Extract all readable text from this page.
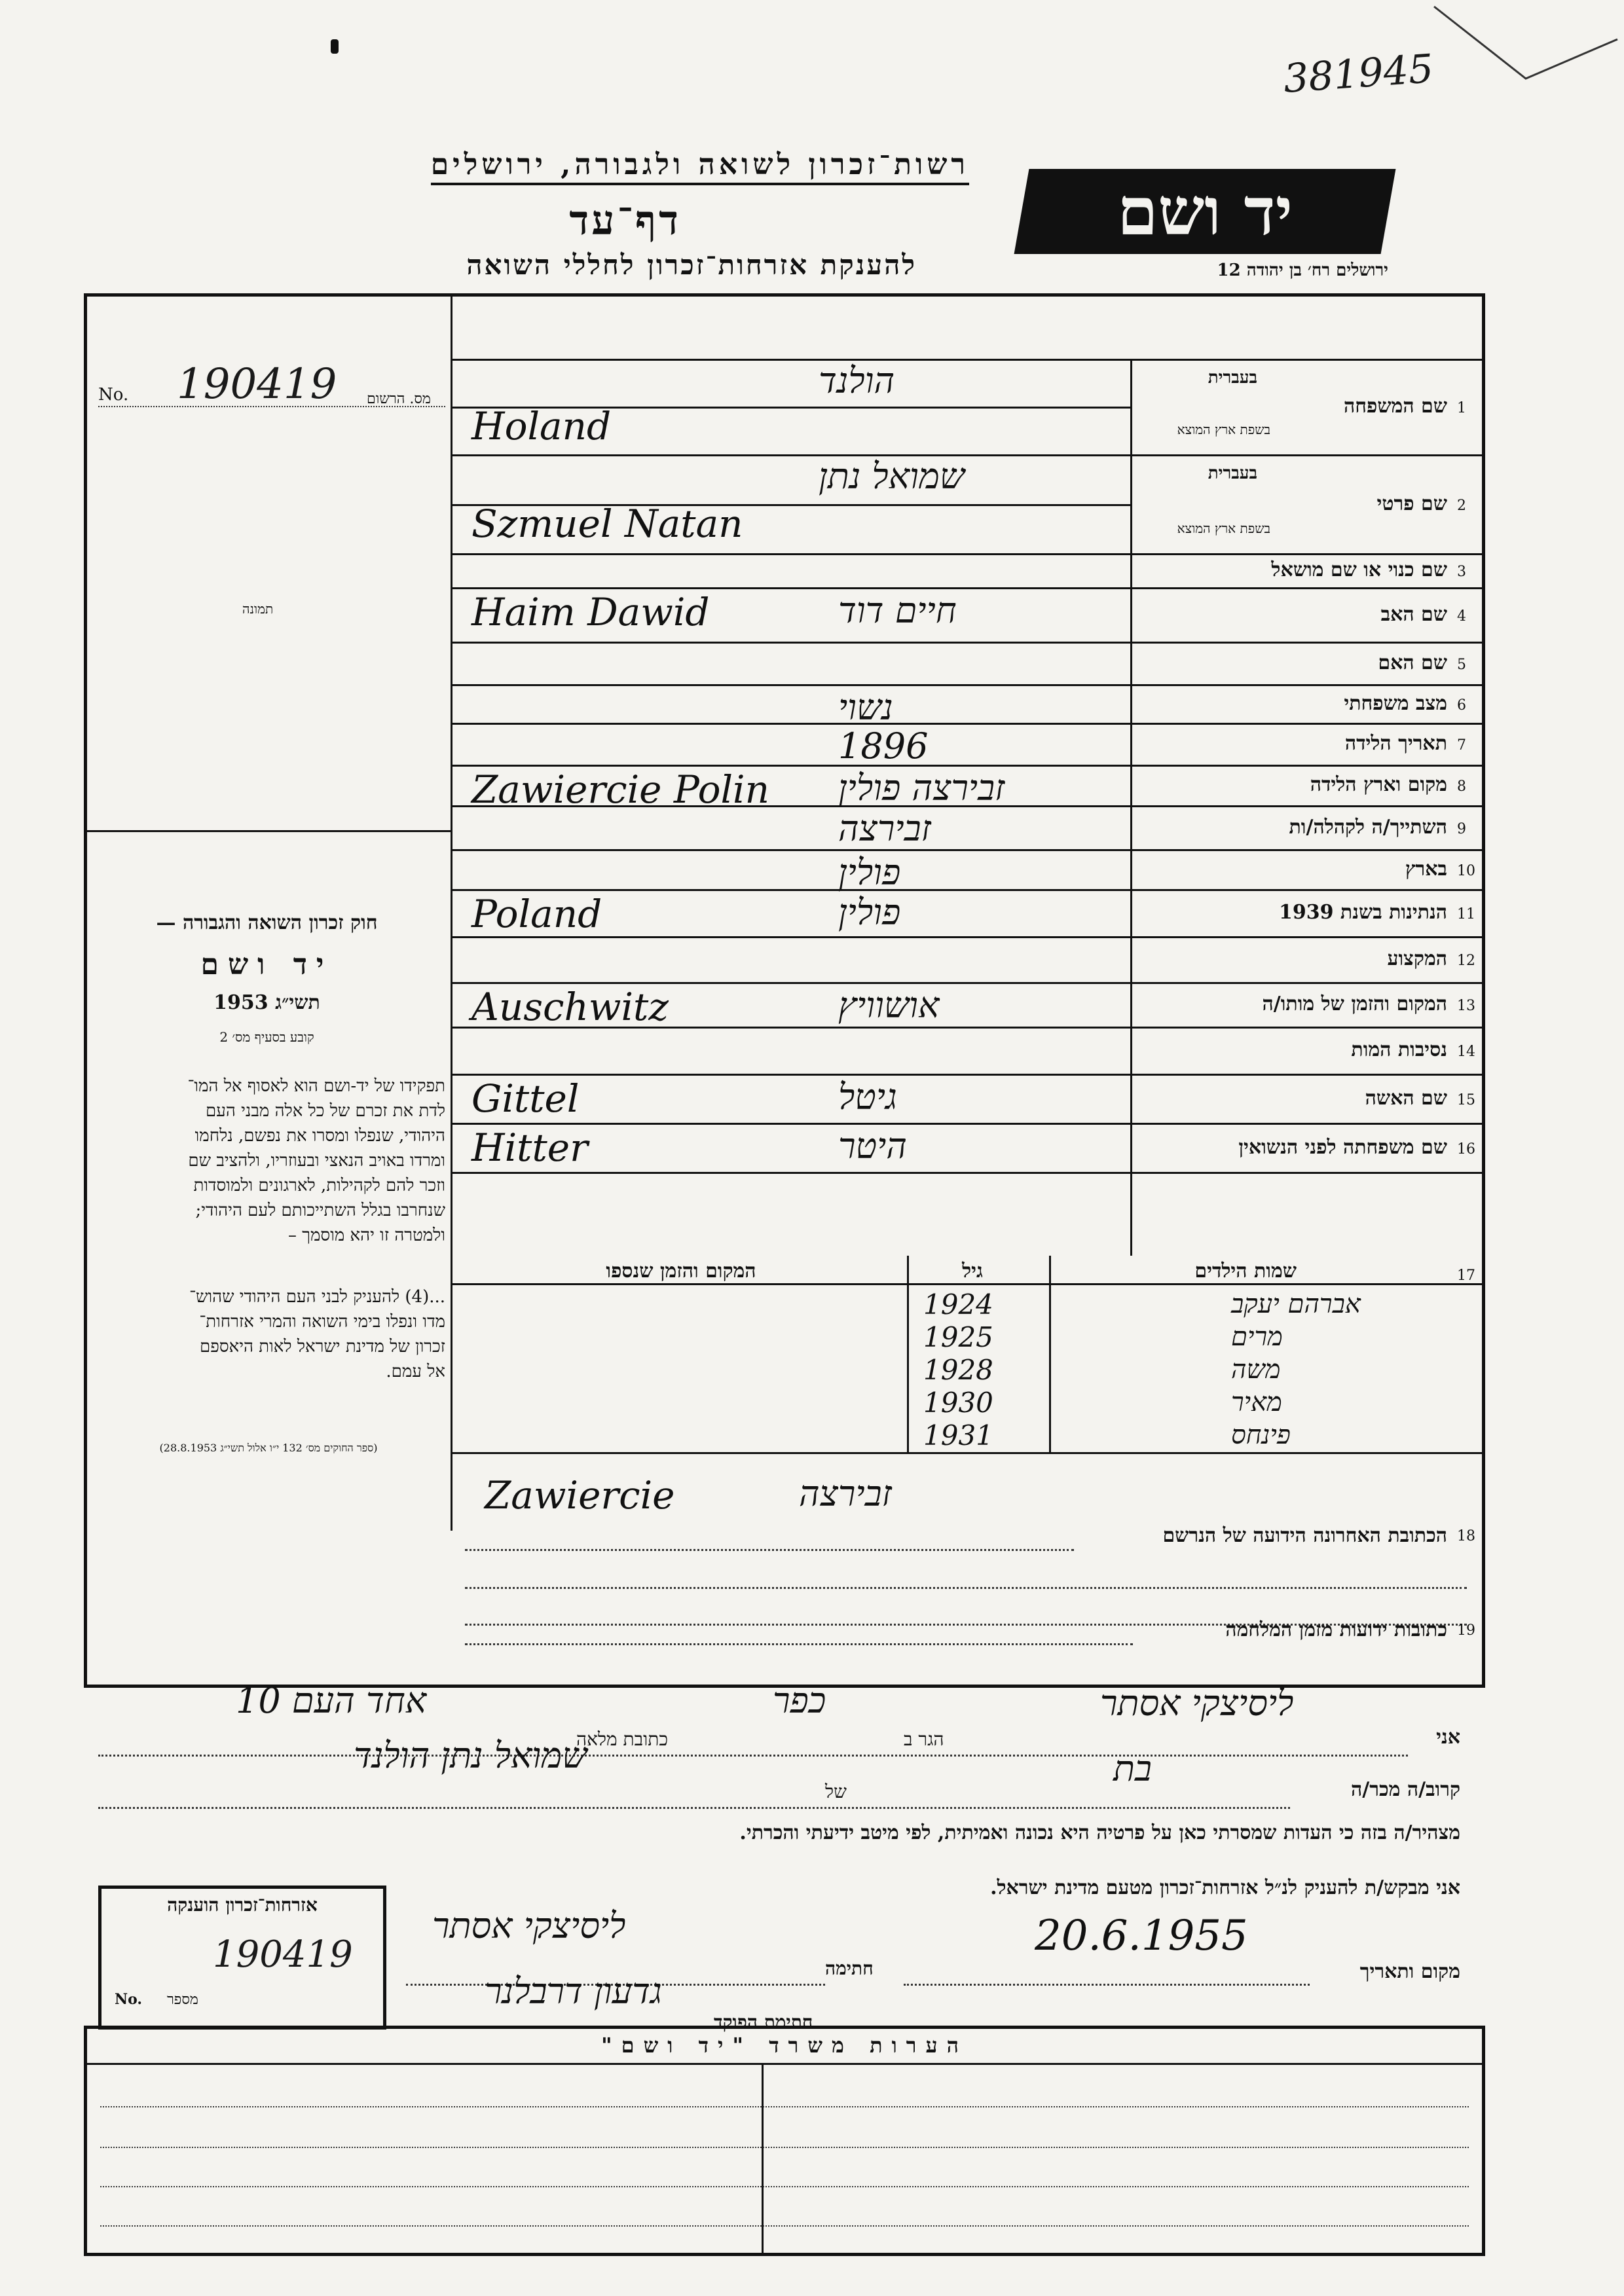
381945
רשות־זכרון לשואה ולגבורה, ירושלים
דף־עד
להענקת אזרחות־זכרון לחללי השואה
יד ושם
ירושלים רח׳ בן יהודה 12
No. 190419 מס. הרשום
תמונה
חוק זכרון השואה והגבורה —
יד ושם
תשי״ג 1953
קובע בסעיף מס׳ 2
תפקידו של יד-ושם הוא לאסוף אל המו־
לדת את זכרם של כל אלה מבני העם
היהודי, שנפלו ומסרו את נפשם, נלחמו
ומרדו באויב הנאצי ובעוזריו, ולהציב שם
וזכר להם לקהילות, לארגונים ולמוסדות
שנחרבו בגלל השתייכותם לעם היהודי;
ולמטרה זו יהא מוסמך –
...(4) להעניק לבני העם היהודי שהוש־
מדו ונפלו בימי השואה והמרי אזרחות־
זכרון של מדינת ישראל לאות היאספם
אל עמם.
(ספר החוקים מס׳ 132 י״ו אלול תשי״ג 28.8.1953)
1
שם המשפחה
בעברית
בשפת ארץ המוצא
הולנד
Holand
2
שם פרטי
בעברית
בשפת ארץ המוצא
שמואל נתן
Szmuel Natan
3
שם כנוי או שם מושאל
4
שם האב
Haim Dawid	חיים דוד
5
שם האם
6
מצב משפחתי
נשוי
7
תאריך הלידה
1896
8
מקום וארץ הלידה
Zawiercie Polin זבירצה פולין
9
השתייך/ה לקהלה/ות
זבירצה
10
בארץ
פולין
11
הנתינות בשנת 1939
Poland	פולין
12
המקצוע
13
המקום והזמן של מותו/ה
Auschwitz	אושוויץ
14
נסיבות המות
15
שם האשה
Gittel	גיטל
16
שם משפחתה לפני הנשואין
Hitter	היטר
שמות הילדים	17
גיל
המקום והזמן שנספו
אברהם יעקב
1924
מרים
1925
משה
1928
מאיר
1930
פינחס
1931
Zawiercie	זבירצה
הכתובת האחרונה הידועה של הנרשם 18
כתובות ידועות מזמן המלחמה 19
אני
ליסיצקי אסתר
הגר ב
כפר
כתובת מלאה
אחד העם 10
קרוב/ה מכר/ה
בת
של
שמואל נתן הולנד
מצהיר/ה בזה כי העדות שמסרתי כאן על פרטיה היא נכונה ואמיתית, לפי מיטב ידיעתי והכרתי.
אני מבקש/ת להעניק לנ״ל אזרחות־זכרון מטעם מדינת ישראל.
מקום ותאריך
20.6.1955
חתימה
ליסיצקי אסתר
חתימת הפוקד
גדעון דרבלנר
אזרחות־זכרון הוענקה
190419
No. מספר
הערות משרד "יד ושם"
